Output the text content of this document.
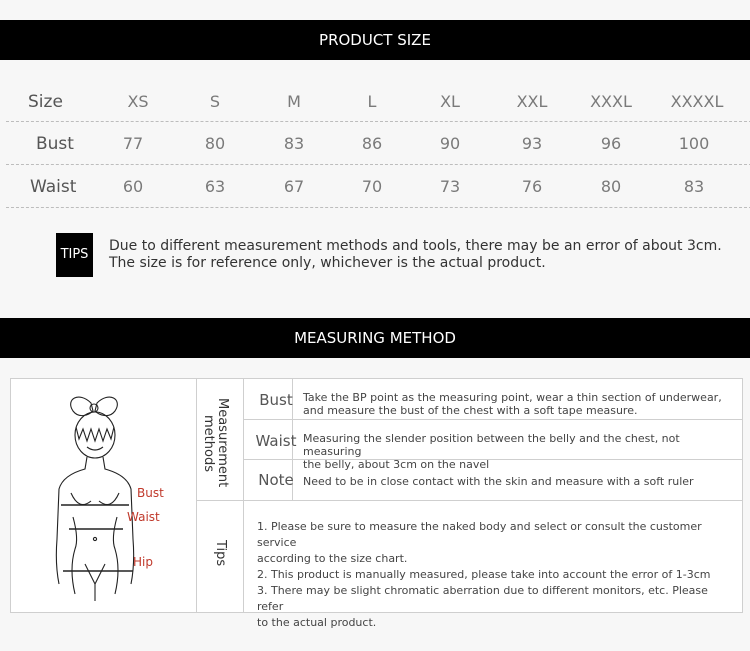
PRODUCT SIZE
Size	XS	S	M	L	XL	XXL	XXXL	XXXXL
Bust	77	80	83	86	90	93	96	100
Waist	60	63	67	70	73	76	80	83
TIPS
Due to different measurement methods and tools, there may be an error of about 3cm.
The size is for reference only, whichever is the actual product.
MEASURING METHOD
Bust
Waist
Hip
Measurement
methods
Tips
Bust Take the BP point as the measuring point, wear a thin section of underwear,
and measure the bust of the chest with a soft tape measure.
Waist Measuring the slender position between the belly and the chest, not measuring
the belly, about 3cm on the navel
Note Need to be in close contact with the skin and measure with a soft ruler
1. Please be sure to measure the naked body and select or consult the customer service
according to the size chart.
2. This product is manually measured, please take into account the error of 1-3cm
3. There may be slight chromatic aberration due to different monitors, etc. Please refer
to the actual product.
